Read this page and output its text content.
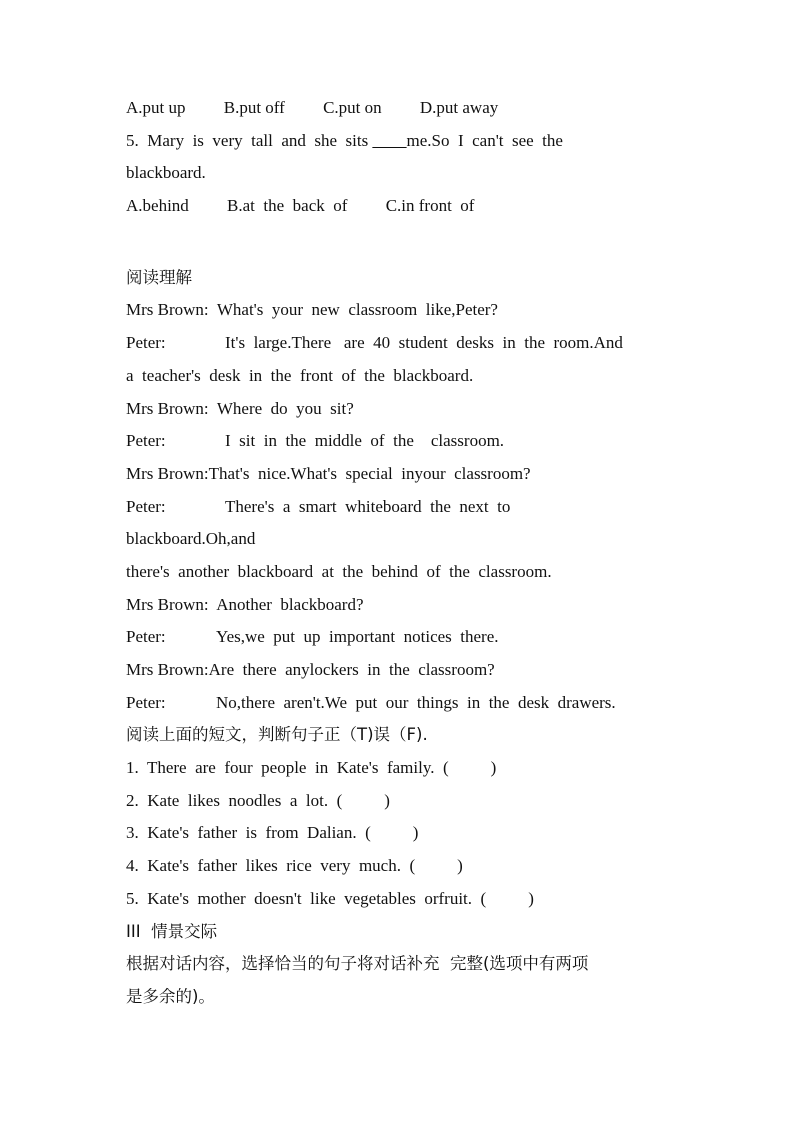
A.put up B.put off C.put on D.put away
5.  Mary  is  very  tall  and  she  sits ____me.So  I  can't  see  the
blackboard.
A.behind B.at  the  back  of C.in front  of
阅读理解
Mrs Brown: What's  your  new  classroom  like,Peter?
Peter:	It's  large.There   are  40  student  desks  in  the  room.And
a  teacher's  desk  in  the  front  of  the  blackboard.
Mrs Brown: Where  do  you  sit?
Peter:	I  sit  in  the  middle  of  the    classroom.
Mrs Brown:That's  nice.What's  special  inyour  classroom?
Peter:	There's  a  smart  whiteboard  the  next  to
blackboard.Oh,and
there's  another  blackboard  at  the  behind  of  the  classroom.
Mrs Brown: Another  blackboard?
Peter:	Yes,we  put  up  important  notices  there.
Mrs Brown:Are  there  anylockers  in  the  classroom?
Peter:	No,there  aren't.We  put  our  things  in  the  desk  drawers.
阅读上面的短文，判断句子正（T)误（F).
1.  There  are  four  people  in  Kate's  family.  ( )
2.  Kate  likes  noodles  a  lot.  ( )
3.  Kate's  father  is  from  Dalian.  ( )
4.  Kate's  father  likes  rice  very  much.  ( )
5.  Kate's  mother  doesn't  like  vegetables  orfruit.  ( )
III  情景交际
根据对话内容，选择恰当的句子将对话补充  完整(选项中有两项
是多余的)。
